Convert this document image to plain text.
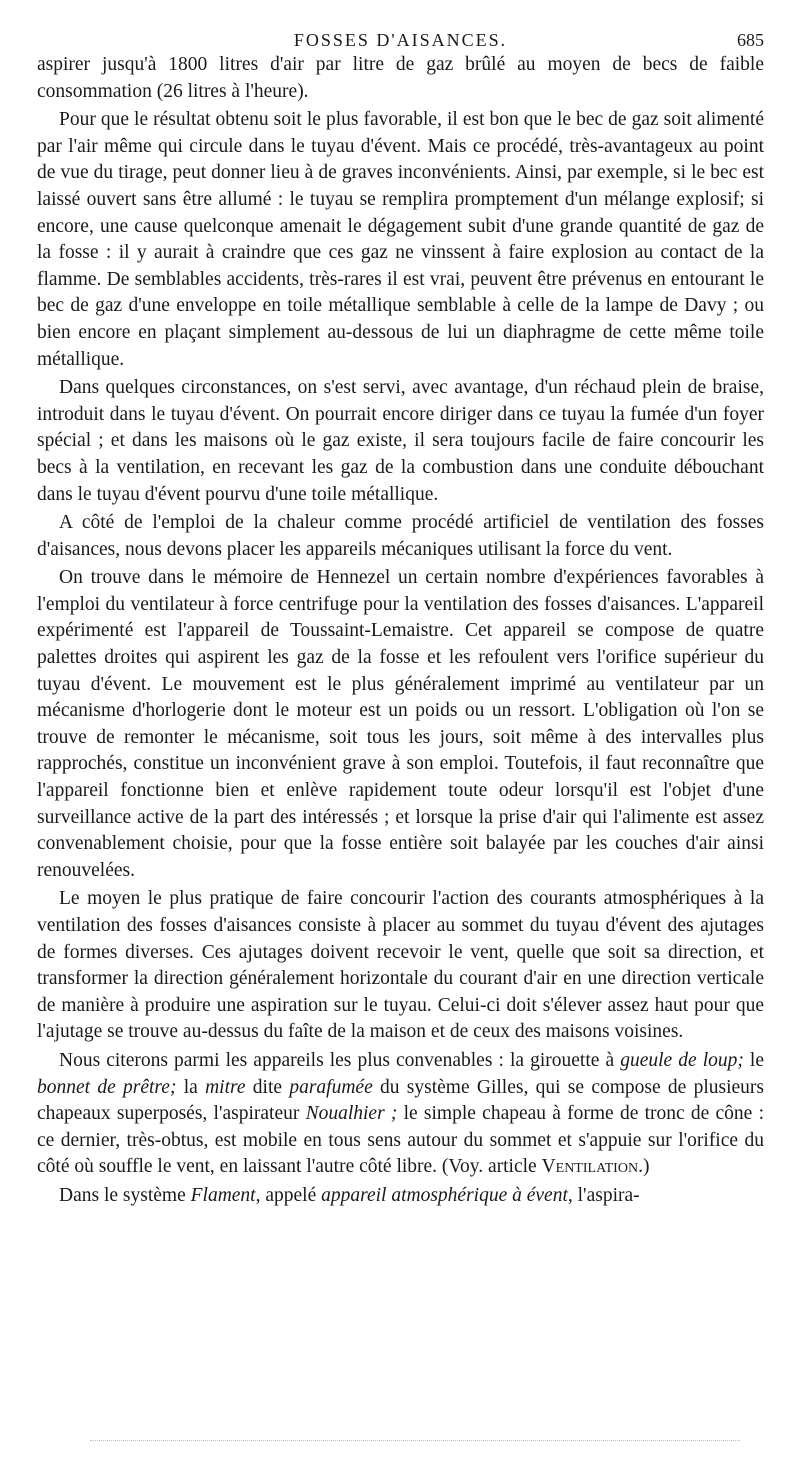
FOSSES D'AISANCES.	685

aspirer jusqu'à 1800 litres d'air par litre de gaz brûlé au moyen de becs de faible consommation (26 litres à l'heure).

Pour que le résultat obtenu soit le plus favorable, il est bon que le bec de gaz soit alimenté par l'air même qui circule dans le tuyau d'évent. Mais ce procédé, très-avantageux au point de vue du tirage, peut donner lieu à de graves inconvénients. Ainsi, par exemple, si le bec est laissé ouvert sans être allumé : le tuyau se remplira promptement d'un mélange explosif; si encore, une cause quelconque amenait le dégagement subit d'une grande quantité de gaz de la fosse : il y aurait à craindre que ces gaz ne vinssent à faire explosion au contact de la flamme. De semblables accidents, très-rares il est vrai, peuvent être prévenus en entourant le bec de gaz d'une enveloppe en toile métallique semblable à celle de la lampe de Davy ; ou bien encore en plaçant simplement au-dessous de lui un diaphragme de cette même toile métallique.

Dans quelques circonstances, on s'est servi, avec avantage, d'un réchaud plein de braise, introduit dans le tuyau d'évent. On pourrait encore diriger dans ce tuyau la fumée d'un foyer spécial ; et dans les maisons où le gaz existe, il sera toujours facile de faire concourir les becs à la ventilation, en recevant les gaz de la combustion dans une conduite débouchant dans le tuyau d'évent pourvu d'une toile métallique.

A côté de l'emploi de la chaleur comme procédé artificiel de ventilation des fosses d'aisances, nous devons placer les appareils mécaniques utilisant la force du vent.

On trouve dans le mémoire de Hennezel un certain nombre d'expériences favorables à l'emploi du ventilateur à force centrifuge pour la ventilation des fosses d'aisances. L'appareil expérimenté est l'appareil de Toussaint-Lemaistre. Cet appareil se compose de quatre palettes droites qui aspirent les gaz de la fosse et les refoulent vers l'orifice supérieur du tuyau d'évent. Le mouvement est le plus généralement imprimé au ventilateur par un mécanisme d'horlogerie dont le moteur est un poids ou un ressort. L'obligation où l'on se trouve de remonter le mécanisme, soit tous les jours, soit même à des intervalles plus rapprochés, constitue un inconvénient grave à son emploi. Toutefois, il faut reconnaître que l'appareil fonctionne bien et enlève rapidement toute odeur lorsqu'il est l'objet d'une surveillance active de la part des intéressés ; et lorsque la prise d'air qui l'alimente est assez convenablement choisie, pour que la fosse entière soit balayée par les couches d'air ainsi renouvelées.

Le moyen le plus pratique de faire concourir l'action des courants atmosphériques à la ventilation des fosses d'aisances consiste à placer au sommet du tuyau d'évent des ajutages de formes diverses. Ces ajutages doivent recevoir le vent, quelle que soit sa direction, et transformer la direction généralement horizontale du courant d'air en une direction verticale de manière à produire une aspiration sur le tuyau. Celui-ci doit s'élever assez haut pour que l'ajutage se trouve au-dessus du faîte de la maison et de ceux des maisons voisines.

Nous citerons parmi les appareils les plus convenables : la girouette à gueule de loup; le bonnet de prêtre; la mitre dite parafumée du système Gilles, qui se compose de plusieurs chapeaux superposés, l'aspirateur Noualhier ; le simple chapeau à forme de tronc de cône : ce dernier, très-obtus, est mobile en tous sens autour du sommet et s'appuie sur l'orifice du côté où souffle le vent, en laissant l'autre côté libre. (Voy. article Ventilation.)

Dans le système Flament, appelé appareil atmosphérique à évent, l'aspira-
